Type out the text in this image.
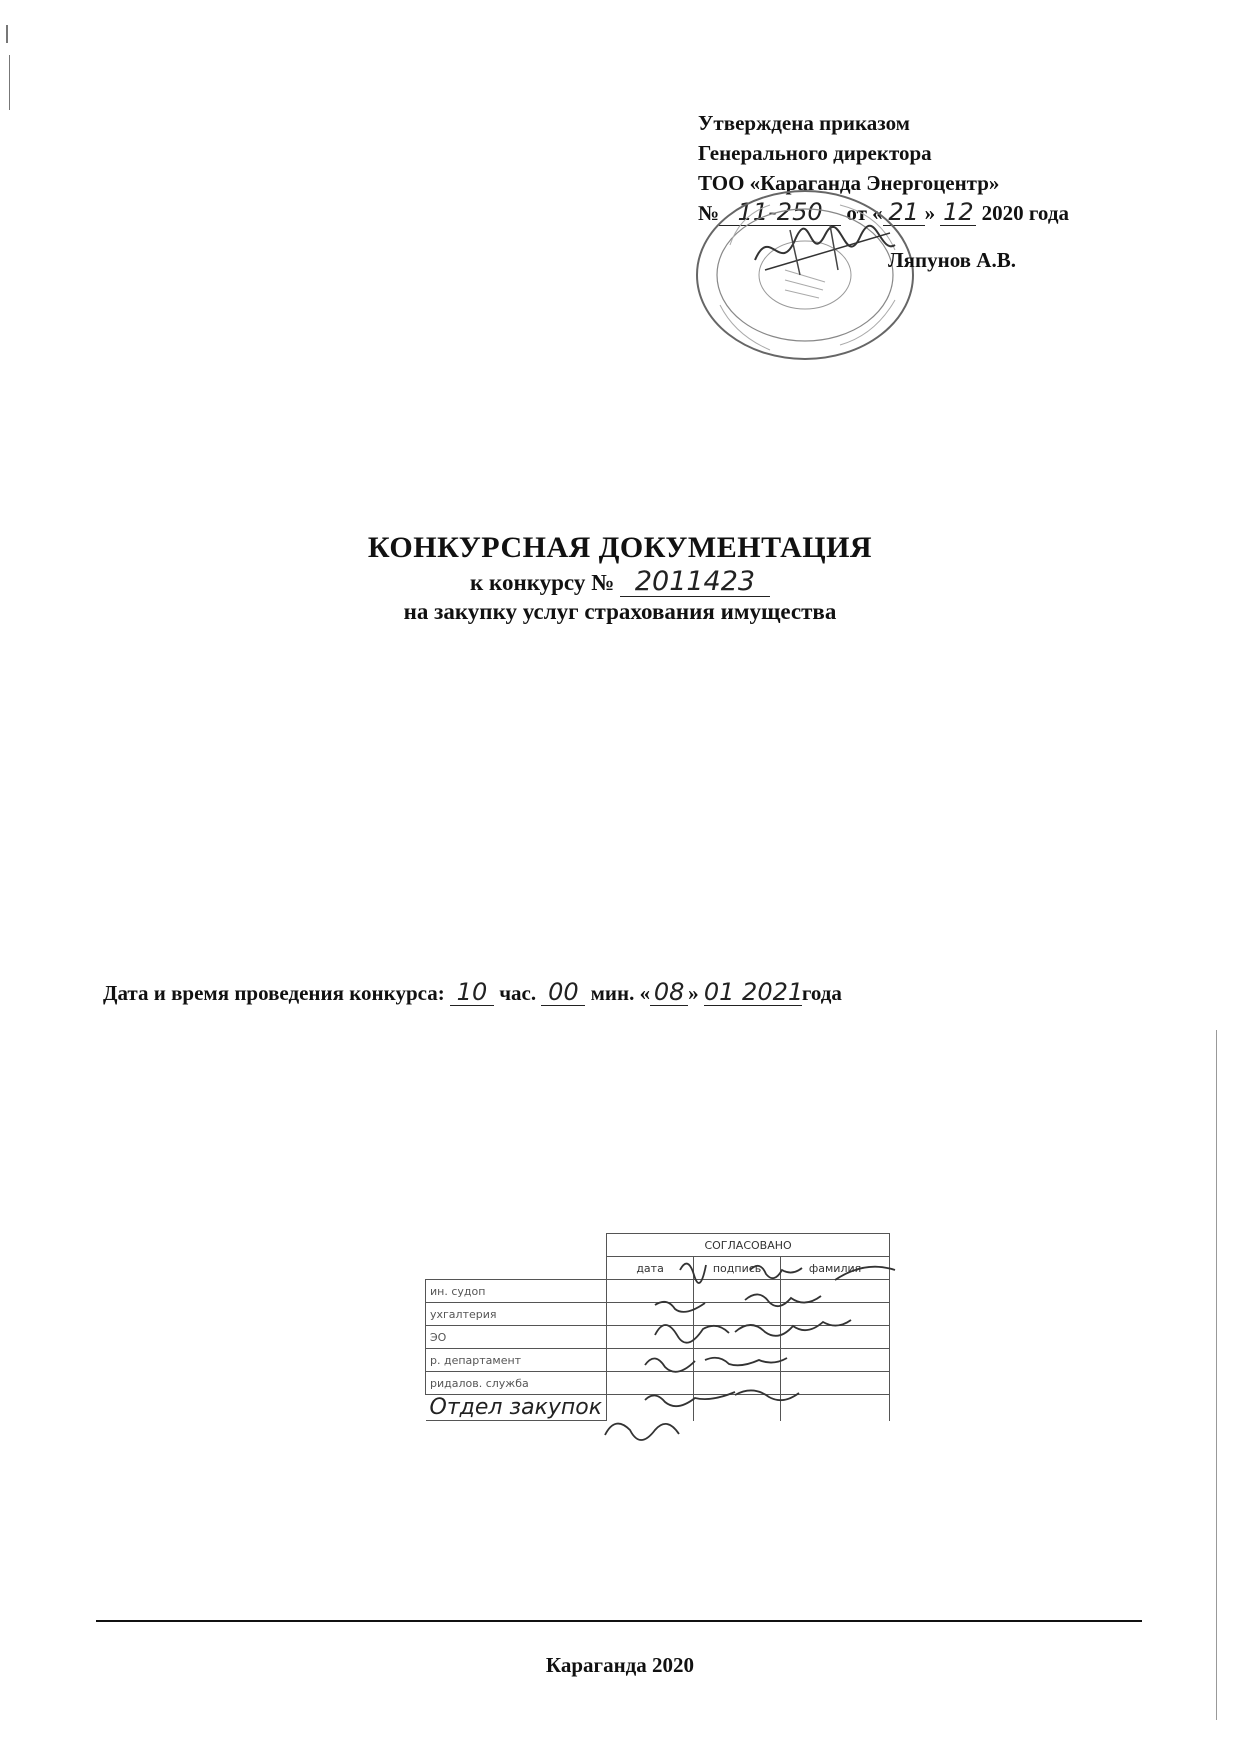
Утверждена приказом
Генерального директора
ТОО «Караганда Энергоцентр»
№ 11-250 от « 21 » 12 2020 года
Ляпунов А.В.
КОНКУРСНАЯ ДОКУМЕНТАЦИЯ
к конкурсу № 2011423
на закупку услуг страхования имущества
Дата и время проведения конкурса: 10 час. 00 мин. « 08 » 01 2021года
	СОГЛАСОВАНО		
	дата	подпись	фамилия
ин. судоп			
ухгалтерия			
ЭО			
р. департамент			
ридалов. служба			
Отдел закупок			
Караганда 2020
